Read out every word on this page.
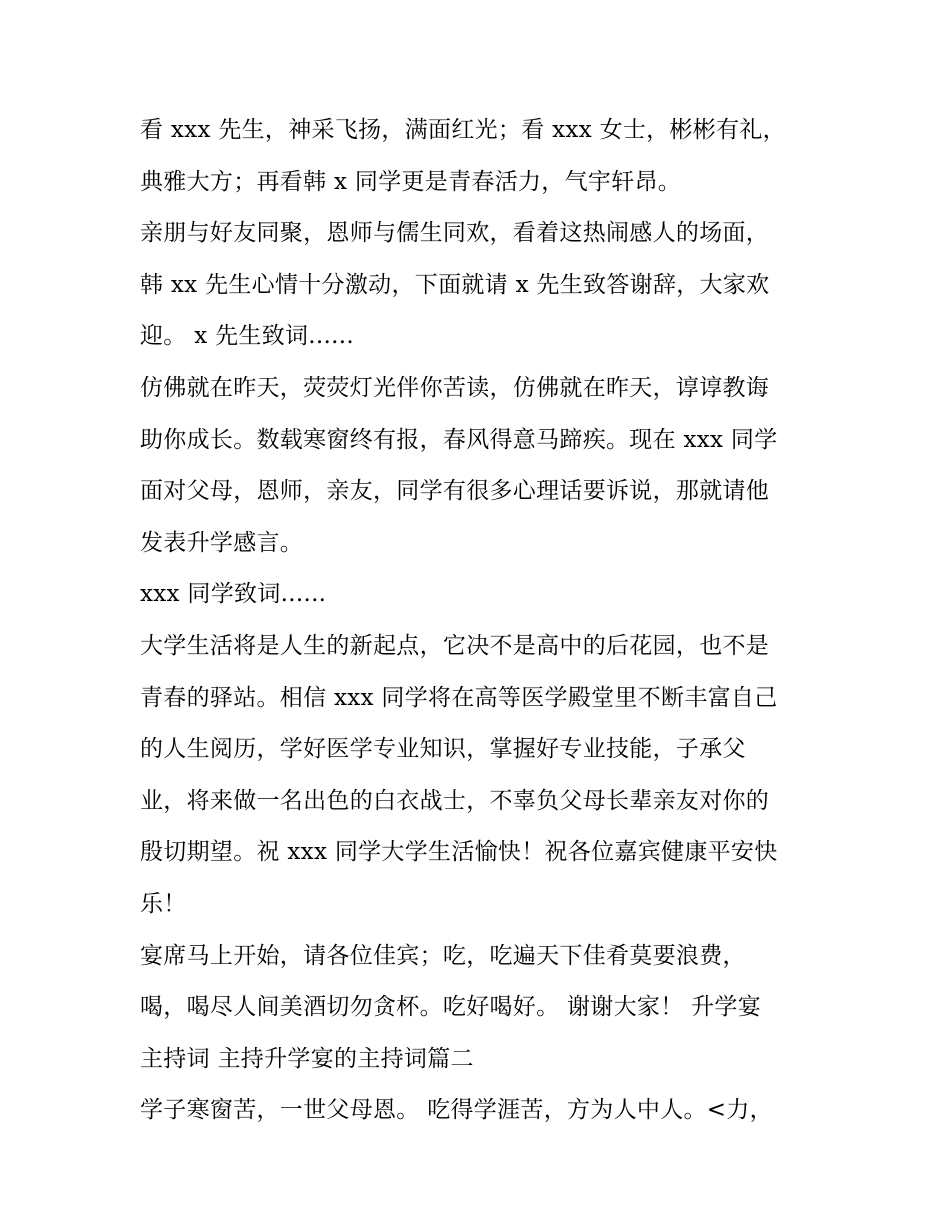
看 xxx 先生，神采飞扬，满面红光；看 xxx 女士，彬彬有礼，
典雅大方；再看韩 x 同学更是青春活力，气宇轩昂。
亲朋与好友同聚，恩师与儒生同欢，看着这热闹感人的场面，
韩 xx 先生心情十分激动，下面就请 x 先生致答谢辞，大家欢
迎。 x 先生致词......
仿佛就在昨天，荧荧灯光伴你苦读，仿佛就在昨天，谆谆教诲
助你成长。数载寒窗终有报，春风得意马蹄疾。现在 xxx 同学
面对父母，恩师，亲友，同学有很多心理话要诉说，那就请他
发表升学感言。
xxx 同学致词......
大学生活将是人生的新起点，它决不是高中的后花园，也不是
青春的驿站。相信 xxx 同学将在高等医学殿堂里不断丰富自己
的人生阅历，学好医学专业知识，掌握好专业技能，子承父
业，将来做一名出色的白衣战士，不辜负父母长辈亲友对你的
殷切期望。祝 xxx 同学大学生活愉快！祝各位嘉宾健康平安快
乐！
宴席马上开始，请各位佳宾；吃，吃遍天下佳肴莫要浪费，
喝，喝尽人间美酒切勿贪杯。吃好喝好。 谢谢大家！ 升学宴
主持词 主持升学宴的主持词篇二
学子寒窗苦，一世父母恩。 吃得学涯苦，方为人中人。<力，
